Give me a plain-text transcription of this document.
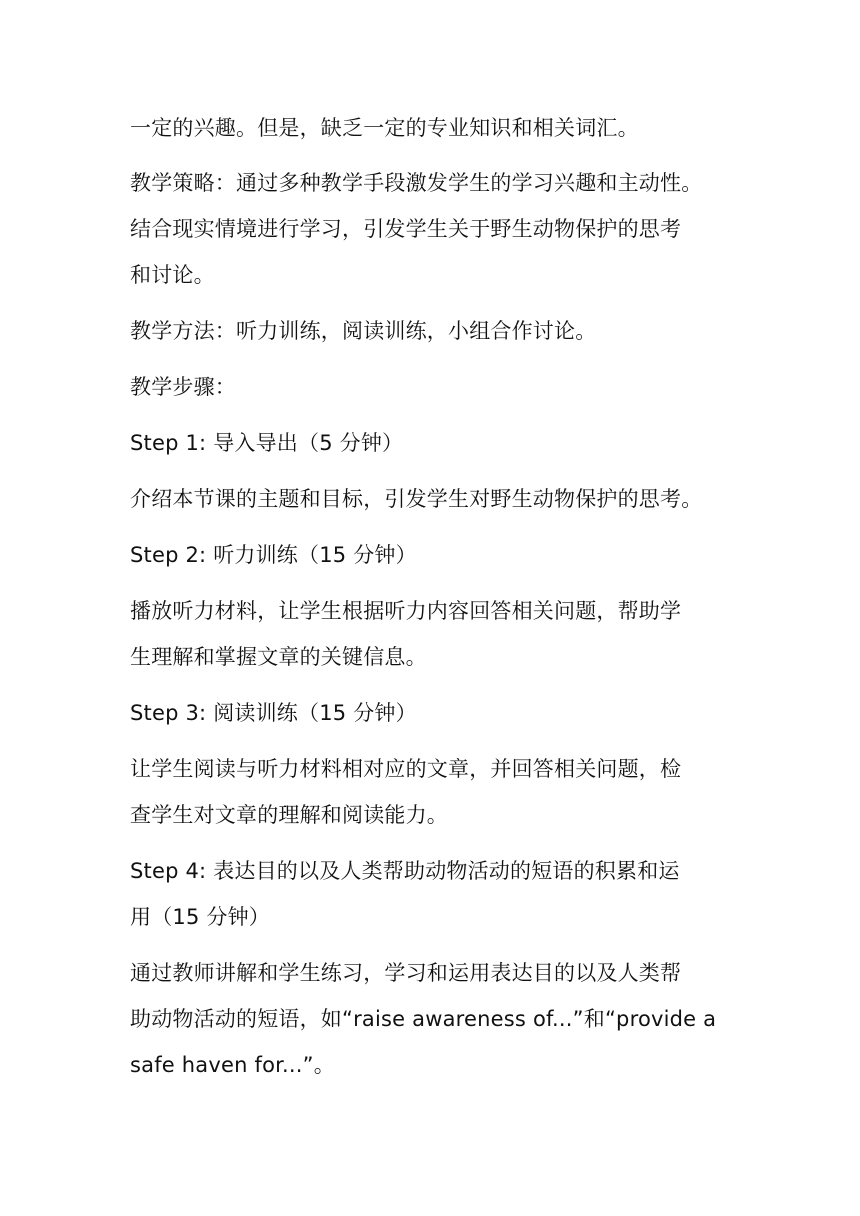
一定的兴趣。但是，缺乏一定的专业知识和相关词汇。
教学策略：通过多种教学手段激发学生的学习兴趣和主动性。
结合现实情境进行学习，引发学生关于野生动物保护的思考
和讨论。
教学方法：听力训练，阅读训练，小组合作讨论。
教学步骤：
Step 1: 导入导出（5 分钟）
介绍本节课的主题和目标，引发学生对野生动物保护的思考。
Step 2: 听力训练（15 分钟）
播放听力材料，让学生根据听力内容回答相关问题，帮助学
生理解和掌握文章的关键信息。
Step 3: 阅读训练（15 分钟）
让学生阅读与听力材料相对应的文章，并回答相关问题，检
查学生对文章的理解和阅读能力。
Step 4: 表达目的以及人类帮助动物活动的短语的积累和运
用（15 分钟）
通过教师讲解和学生练习，学习和运用表达目的以及人类帮
助动物活动的短语，如“raise awareness of...”和“provide a
safe haven for...”。
